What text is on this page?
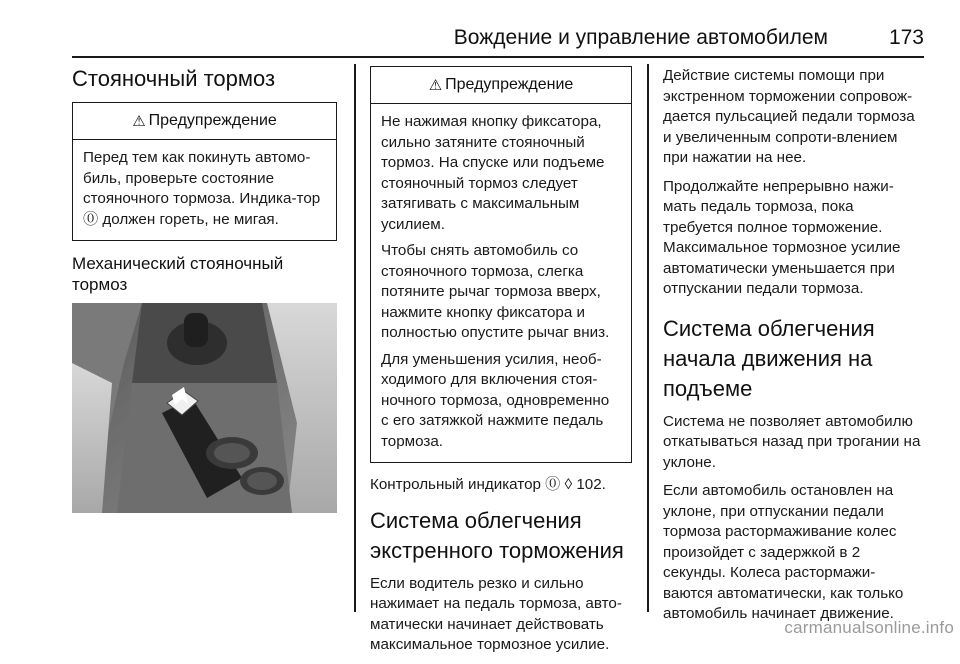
Вождение и управление автомобилем	173
Стояночный тормоз
⚠ Предупреждение

Перед тем как покинуть автомо-биль, проверьте состояние стояночного тормоза. Индика-тор ⓪ должен гореть, не мигая.

Механический стояночный тормоз
⚠ Предупреждение

Не нажимая кнопку фиксатора, сильно затяните стояночный тормоз. На спуске или подъеме стояночный тормоз следует затягивать с максимальным усилием.

Чтобы снять автомобиль со стояночного тормоза, слегка потяните рычаг тормоза вверх, нажмите кнопку фиксатора и полностью опустите рычаг вниз.

Для уменьшения усилия, необ-ходимого для включения стоя-ночного тормоза, одновременно с его затяжкой нажмите педаль тормоза.

Контрольный индикатор ⓪ ◊ 102.

Система облегчения экстренного торможения

Если водитель резко и сильно нажимает на педаль тормоза, авто-матически начинает действовать максимальное тормозное усилие.

Действие системы помощи при экстренном торможении сопровож-дается пульсацией педали тормоза и увеличенным сопроти-влением при нажатии на нее.

Продолжайте непрерывно нажи-мать педаль тормоза, пока требуется полное торможение. Максимальное тормозное усилие автоматически уменьшается при отпускании педали тормоза.

Система облегчения начала движения на подъеме

Система не позволяет автомобилю откатываться назад при трогании на уклоне.

Если автомобиль остановлен на уклоне, при отпускании педали тормоза растормаживание колес произойдет с задержкой в 2 секунды. Колеса растормажи-ваются автоматически, как только автомобиль начинает движение.

carmanualsonline.info
